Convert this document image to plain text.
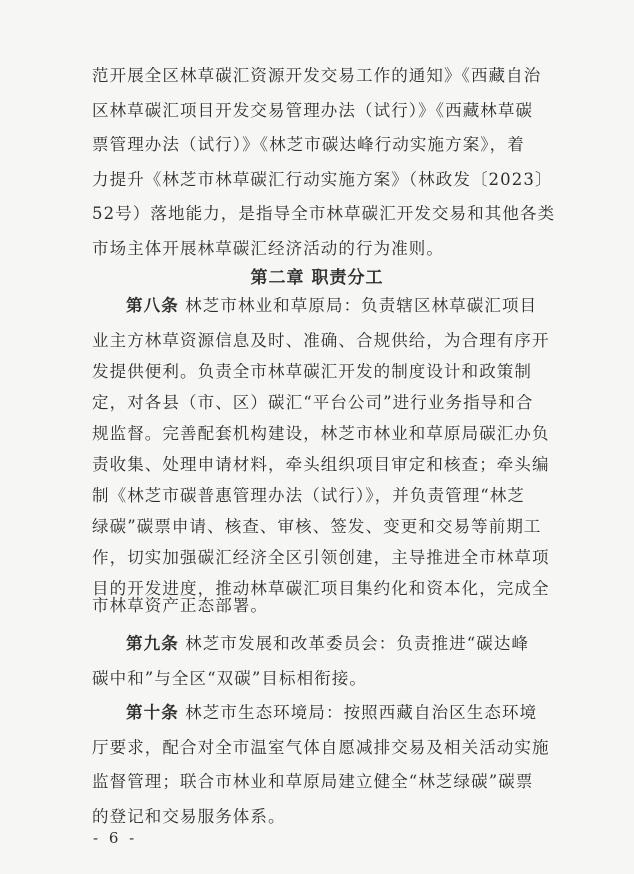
范开展全区林草碳汇资源开发交易工作的通知》《西藏自治
区林草碳汇项目开发交易管理办法（试行）》《西藏林草碳
票管理办法（试行）》《林芝市碳达峰行动实施方案》，着
力提升《林芝市林草碳汇行动实施方案》（林政发〔2023〕
52号）落地能力，是指导全市林草碳汇开发交易和其他各类
市场主体开展林草碳汇经济活动的行为准则。
第二章 职责分工
第八条 林芝市林业和草原局：负责辖区林草碳汇项目
业主方林草资源信息及时、准确、合规供给，为合理有序开
发提供便利。负责全市林草碳汇开发的制度设计和政策制
定，对各县（市、区）碳汇“平台公司”进行业务指导和合
规监督。完善配套机构建设，林芝市林业和草原局碳汇办负
责收集、处理申请材料，牵头组织项目审定和核查；牵头编
制《林芝市碳普惠管理办法（试行）》，并负责管理“林芝
绿碳”碳票申请、核查、审核、签发、变更和交易等前期工
作，切实加强碳汇经济全区引领创建，主导推进全市林草项
目的开发进度，推动林草碳汇项目集约化和资本化，完成全
市林草资产正态部署。
第九条 林芝市发展和改革委员会：负责推进“碳达峰
碳中和”与全区“双碳”目标相衔接。
第十条 林芝市生态环境局：按照西藏自治区生态环境
厅要求，配合对全市温室气体自愿减排交易及相关活动实施
- 6 -
监督管理；联合市林业和草原局建立健全“林芝绿碳”碳票
的登记和交易服务体系。
